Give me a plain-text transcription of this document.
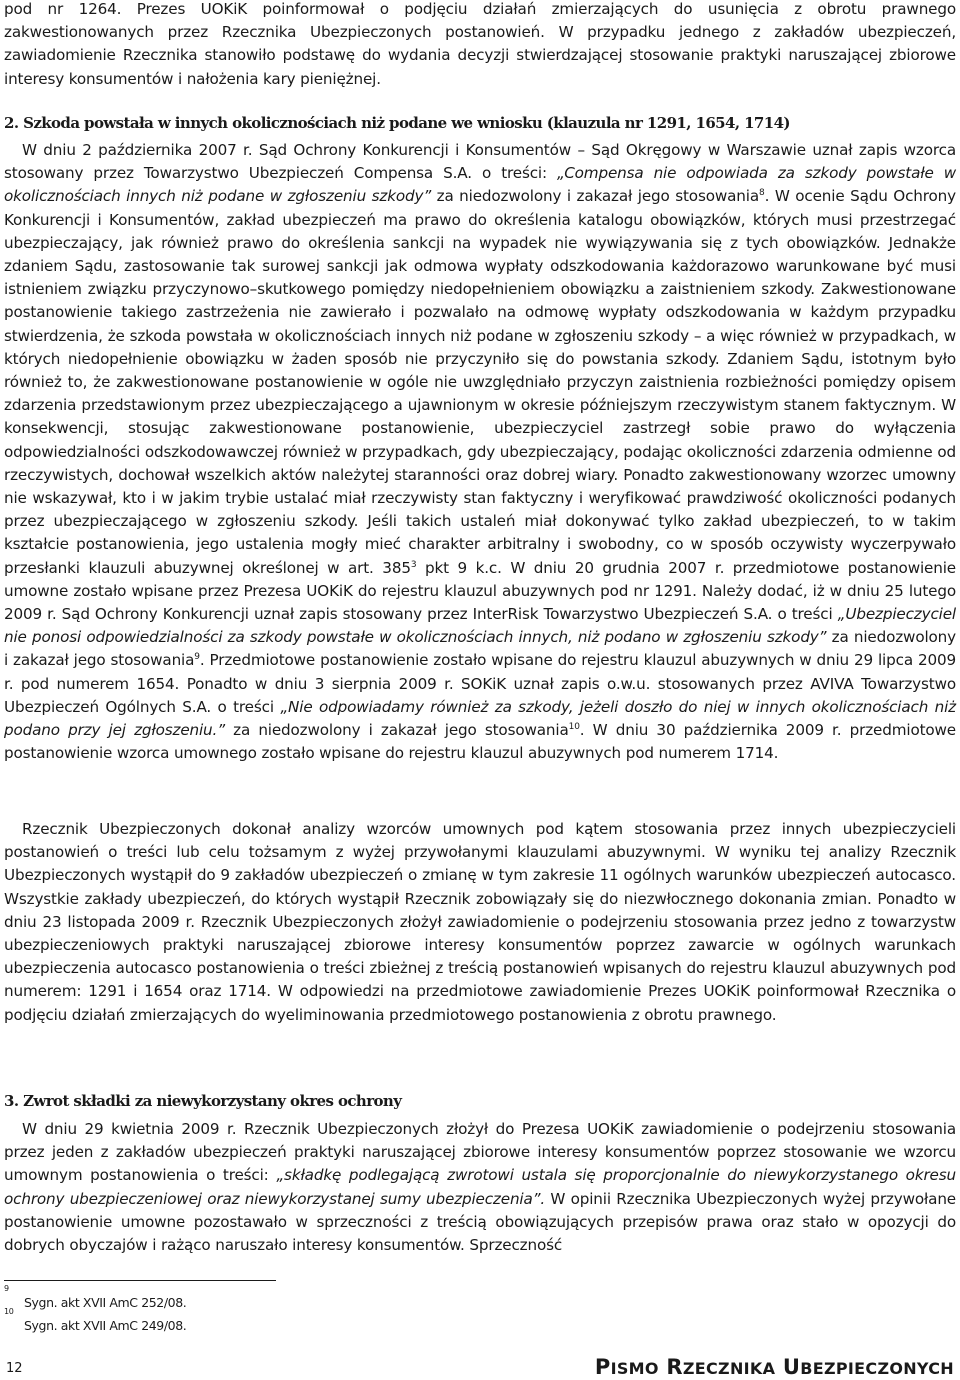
pod nr 1264. Prezes UOKiK poinformował o podjęciu działań zmierzających do usunięcia z obrotu prawnego zakwestionowanych przez Rzecznika Ubezpieczonych postanowień. W przypadku jednego z zakładów ubezpieczeń, zawiadomienie Rzecznika stanowiło podstawę do wydania decyzji stwierdzającej stosowanie praktyki naruszającej zbiorowe interesy konsumentów i nałożenia kary pieniężnej.

2. Szkoda powstała w innych okolicznościach niż podane we wniosku (klauzula nr 1291, 1654, 1714)

W dniu 2 października 2007 r. Sąd Ochrony Konkurencji i Konsumentów – Sąd Okręgowy w Warszawie uznał zapis wzorca stosowany przez Towarzystwo Ubezpieczeń Compensa S.A. o treści: „Compensa nie odpowiada za szkody powstałe w okolicznościach innych niż podane w zgłoszeniu szkody” za niedozwolony i zakazał jego stosowania$^8$. W ocenie Sądu Ochrony Konkurencji i Konsumentów, zakład ubezpieczeń ma prawo do określenia katalogu obowiązków, których musi przestrzegać ubezpieczający, jak również prawo do określenia sankcji na wypadek nie wywiązywania się z tych obowiązków. Jednakże zdaniem Sądu, zastosowanie tak surowej sankcji jak odmowa wypłaty odszkodowania każdorazowo warunkowane być musi istnieniem związku przyczynowo–skutkowego pomiędzy niedopełnieniem obowiązku a zaistnieniem szkody. Zakwestionowane postanowienie takiego zastrzeżenia nie zawierało i pozwalało na odmowę wypłaty odszkodowania w każdym przypadku stwierdzenia, że szkoda powstała w okolicznościach innych niż podane w zgłoszeniu szkody – a więc również w przypadkach, w których niedopełnienie obowiązku w żaden sposób nie przyczyniło się do powstania szkody. Zdaniem Sądu, istotnym było również to, że zakwestionowane postanowienie w ogóle nie uwzględniało przyczyn zaistnienia rozbieżności pomiędzy opisem zdarzenia przedstawionym przez ubezpieczającego a ujawnionym w okresie późniejszym rzeczywistym stanem faktycznym. W konsekwencji, stosując zakwestionowane postanowienie, ubezpieczyciel zastrzegł sobie prawo do wyłączenia odpowiedzialności odszkodowawczej również w przypadkach, gdy ubezpieczający, podając okoliczności zdarzenia odmienne od rzeczywistych, dochował wszelkich aktów należytej staranności oraz dobrej wiary. Ponadto zakwestionowany wzorzec umowny nie wskazywał, kto i w jakim trybie ustalać miał rzeczywisty stan faktyczny i weryfikować prawdziwość okoliczności podanych przez ubezpieczającego w zgłoszeniu szkody. Jeśli takich ustaleń miał dokonywać tylko zakład ubezpieczeń, to w takim kształcie postanowienia, jego ustalenia mogły mieć charakter arbitralny i swobodny, co w sposób oczywisty wyczerpywało przesłanki klauzuli abuzywnej określonej w art. $385^3$ pkt 9 k.c. W dniu 20 grudnia 2007 r. przedmiotowe postanowienie umowne zostało wpisane przez Prezesa UOKiK do rejestru klauzul abuzywnych pod nr 1291. Należy dodać, iż w dniu 25 lutego 2009 r. Sąd Ochrony Konkurencji uznał zapis stosowany przez InterRisk Towarzystwo Ubezpieczeń S.A. o treści „Ubezpieczyciel nie ponosi odpowiedzialności za szkody powstałe w okolicznościach innych, niż podano w zgłoszeniu szkody” za niedozwolony i zakazał jego stosowania$^9$. Przedmiotowe postanowienie zostało wpisane do rejestru klauzul abuzywnych w dniu 29 lipca 2009 r. pod numerem 1654. Ponadto w dniu 3 sierpnia 2009 r. SOKiK uznał zapis o.w.u. stosowanych przez AVIVA Towarzystwo Ubezpieczeń Ogólnych S.A. o treści „Nie odpowiadamy również za szkody, jeżeli doszło do niej w innych okolicznościach niż podano przy jej zgłoszeniu.” za niedozwolony i zakazał jego stosowania$^{10}$. W dniu 30 października 2009 r. przedmiotowe postanowienie wzorca umownego zostało wpisane do rejestru klauzul abuzywnych pod numerem 1714.

Rzecznik Ubezpieczonych dokonał analizy wzorców umownych pod kątem stosowania przez innych ubezpieczycieli postanowień o treści lub celu tożsamym z wyżej przywołanymi klauzulami abuzywnymi. W wyniku tej analizy Rzecznik Ubezpieczonych wystąpił do 9 zakładów ubezpieczeń o zmianę w tym zakresie 11 ogólnych warunków ubezpieczeń autocasco. Wszystkie zakłady ubezpieczeń, do których wystąpił Rzecznik zobowiązały się do niezwłocznego dokonania zmian. Ponadto w dniu 23 listopada 2009 r. Rzecznik Ubezpieczonych złożył zawiadomienie o podejrzeniu stosowania przez jedno z towarzystw ubezpieczeniowych praktyki naruszającej zbiorowe interesy konsumentów poprzez zawarcie w ogólnych warunkach ubezpieczenia autocasco postanowienia o treści zbieżnej z treścią postanowień wpisanych do rejestru klauzul abuzywnych pod numerem: 1291 i 1654 oraz 1714. W odpowiedzi na przedmiotowe zawiadomienie Prezes UOKiK poinformował Rzecznika o podjęciu działań zmierzających do wyeliminowania przedmiotowego postanowienia z obrotu prawnego.

3. Zwrot składki za niewykorzystany okres ochrony

W dniu 29 kwietnia 2009 r. Rzecznik Ubezpieczonych złożył do Prezesa UOKiK zawiadomienie o podejrzeniu stosowania przez jeden z zakładów ubezpieczeń praktyki naruszającej zbiorowe interesy konsumentów poprzez stosowanie we wzorcu umownym postanowienia o treści: „składkę podlegającą zwrotowi ustala się proporcjonalnie do niewykorzystanego okresu ochrony ubezpieczeniowej oraz niewykorzystanej sumy ubezpieczenia”. W opinii Rzecznika Ubezpieczonych wyżej przywołane postanowienie umowne pozostawało w sprzeczności z treścią obowiązujących przepisów prawa oraz stało w opozycji do dobrych obyczajów i rażąco naruszało interesy konsumentów. Sprzeczność

$^9$Sygn. akt XVII AmC 252/08.
$^{10}$Sygn. akt XVII AmC 249/08.
12	PISMO RZECZNIKA UBEZPIECZONYCH
